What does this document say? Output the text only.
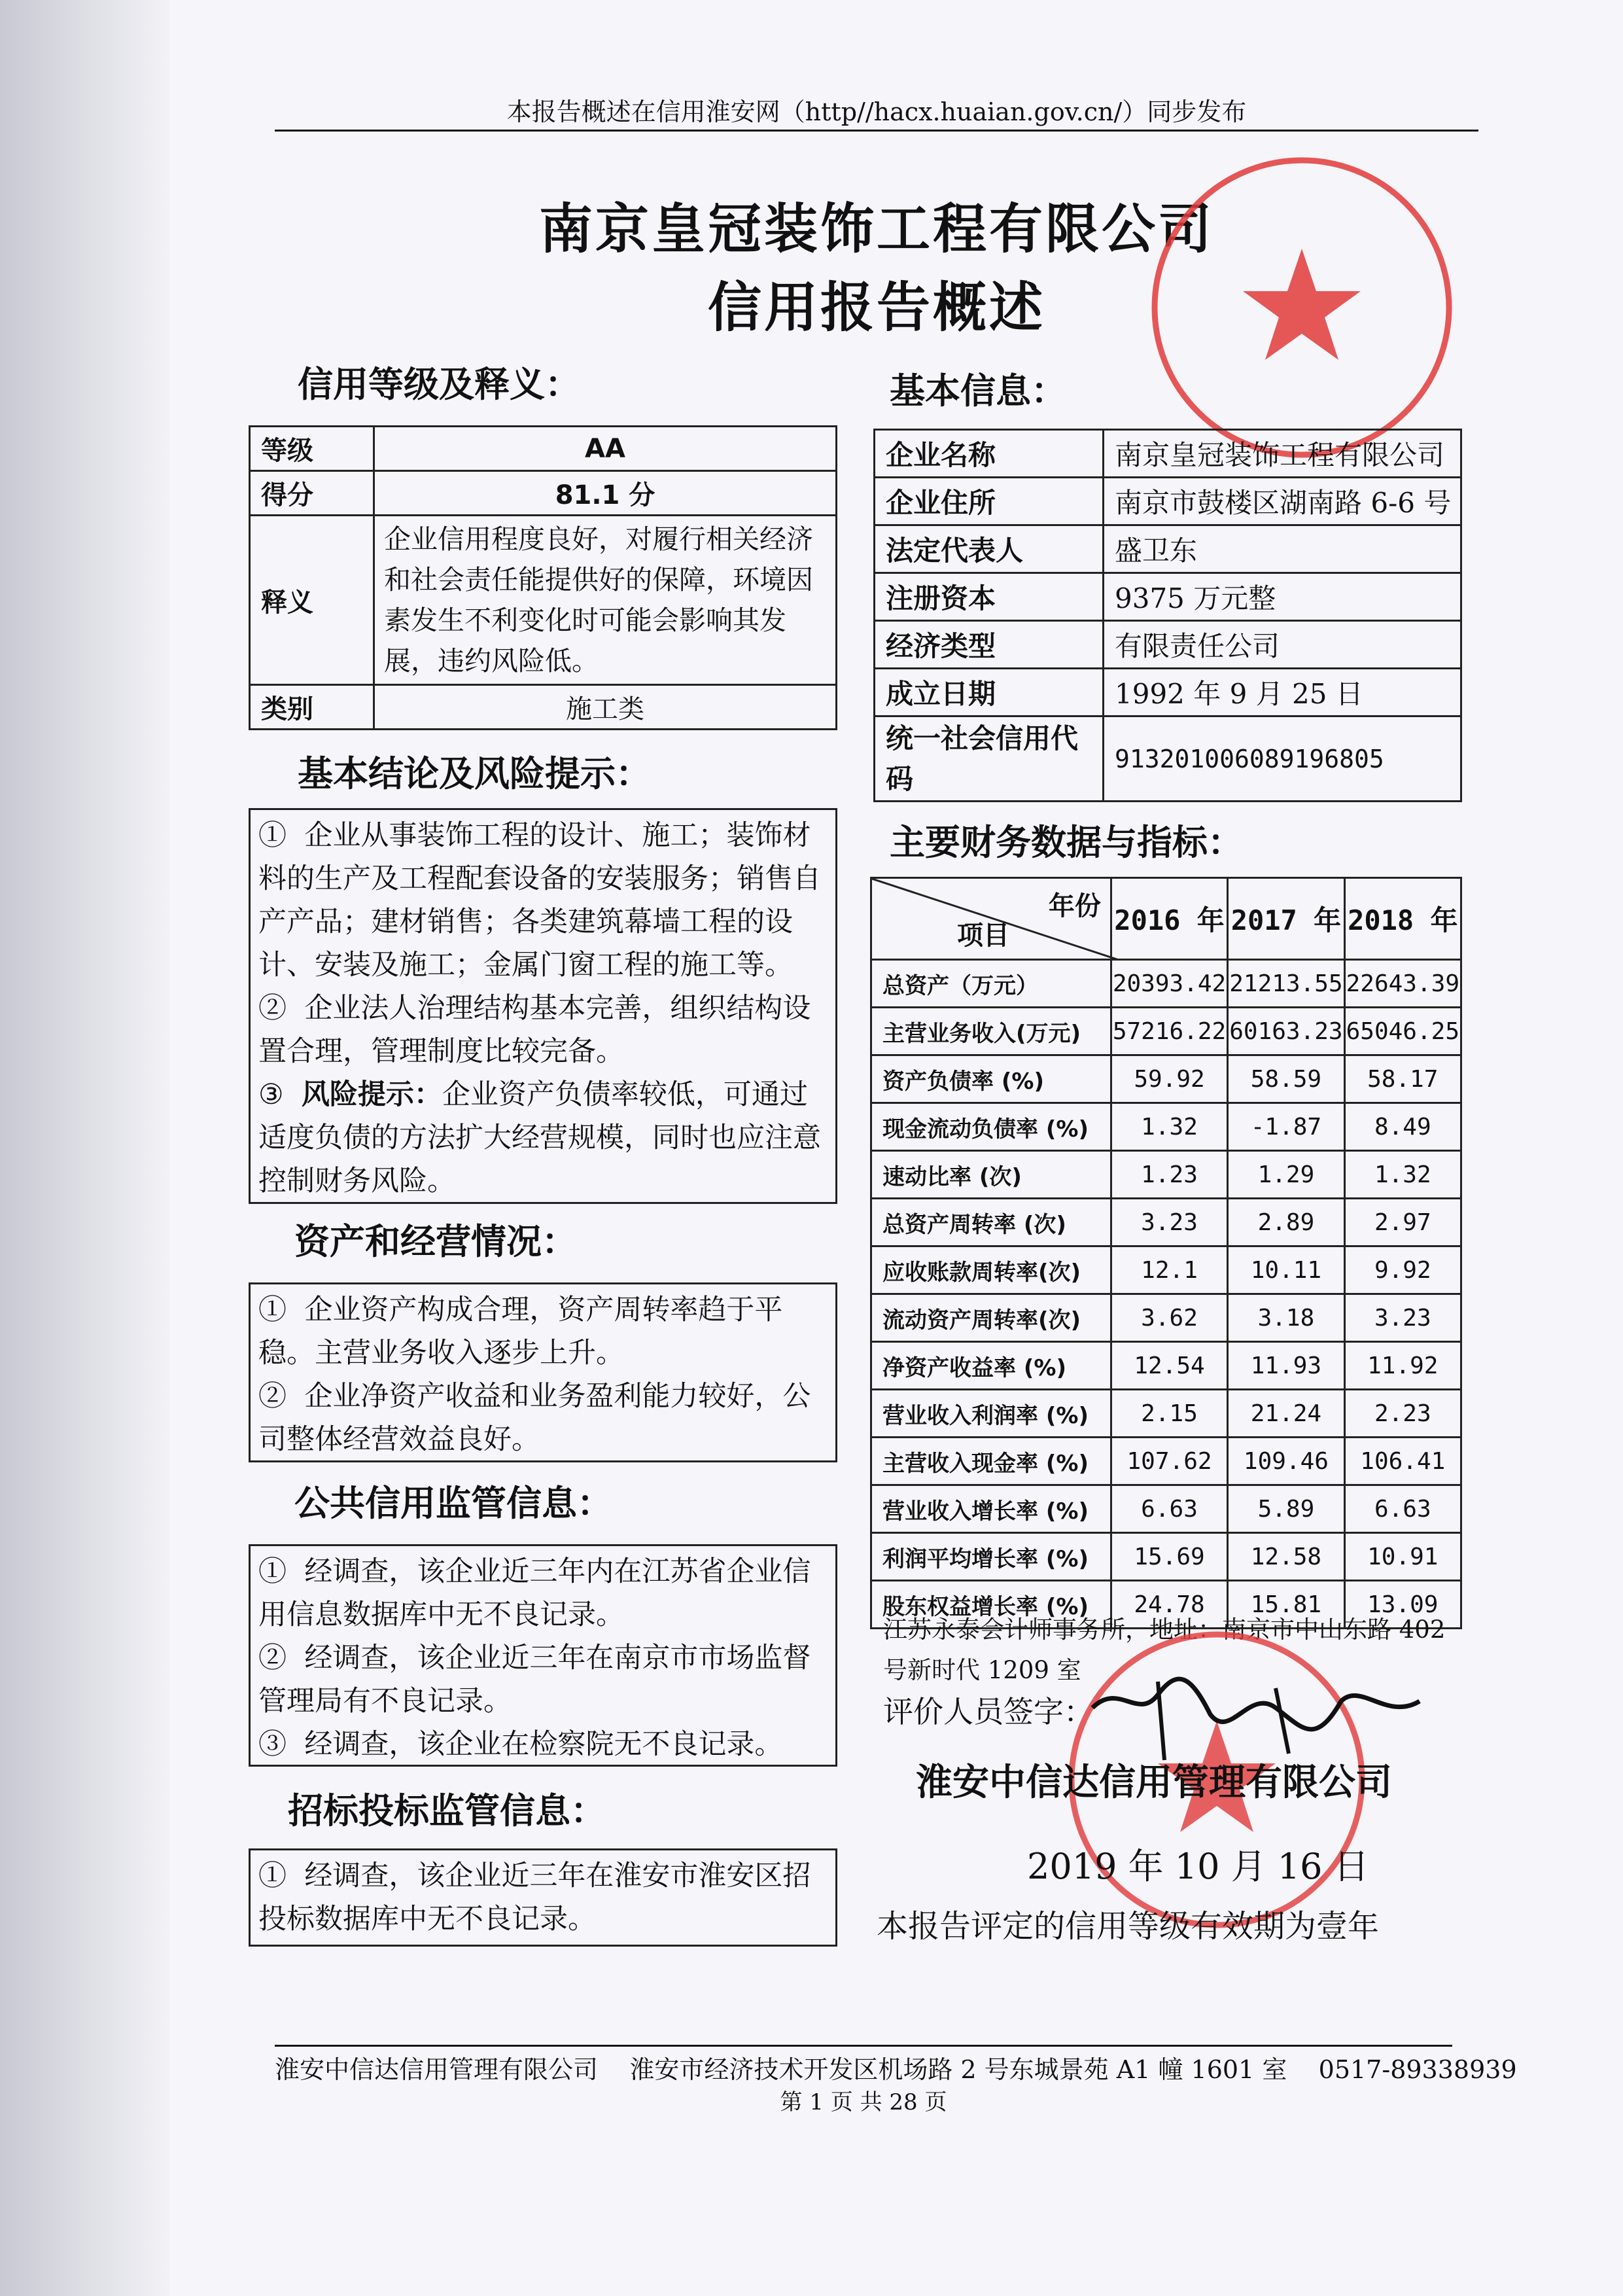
本报告概述在信用淮安网（http//hacx.huaian.gov.cn/）同步发布
南京皇冠装饰工程有限公司
信用报告概述
信用等级及释义：
等级	AA
得分	81.1 分
释义	企业信用程度良好，对履行相关经济和社会责任能提供好的保障，环境因素发生不利变化时可能会影响其发展，违约风险低。
类别	施工类
基本结论及风险提示：

① 企业从事装饰工程的设计、施工；装饰材料的生产及工程配套设备的安装服务；销售自产产品；建材销售；各类建筑幕墙工程的设计、安装及施工；金属门窗工程的施工等。

② 企业法人治理结构基本完善，组织结构设置合理，管理制度比较完备。

③ 风险提示：企业资产负债率较低，可通过适度负债的方法扩大经营规模，同时也应注意控制财务风险。

资产和经营情况：

① 企业资产构成合理，资产周转率趋于平稳。主营业务收入逐步上升。

② 企业净资产收益和业务盈利能力较好，公司整体经营效益良好。

公共信用监管信息：

① 经调查，该企业近三年内在江苏省企业信用信息数据库中无不良记录。

② 经调查，该企业近三年在南京市市场监督管理局有不良记录。

③ 经调查，该企业在检察院无不良记录。

招标投标监管信息：

① 经调查，该企业近三年在淮安市淮安区招投标数据库中无不良记录。

基本信息：
企业名称	南京皇冠装饰工程有限公司
企业住所	南京市鼓楼区湖南路 6-6 号
法定代表人	盛卫东
注册资本	9375 万元整
经济类型	有限责任公司
成立日期	1992 年 9 月 25 日
统一社会信用代码	913201006089196805
主要财务数据与指标：
年份
项目	2016 年	2017 年	2018 年
总资产（万元）	20393.42	21213.55	22643.39
主营业务收入(万元)	57216.22	60163.23	65046.25
资产负债率 (%)	59.92	58.59	58.17
现金流动负债率 (%)	1.32	-1.87	8.49
速动比率 (次)	1.23	1.29	1.32
总资产周转率 (次)	3.23	2.89	2.97
应收账款周转率(次)	12.1	10.11	9.92
流动资产周转率(次)	3.62	3.18	3.23
净资产收益率 (%)	12.54	11.93	11.92
营业收入利润率 (%)	2.15	21.24	2.23
主营收入现金率 (%)	107.62	109.46	106.41
营业收入增长率 (%)	6.63	5.89	6.63
利润平均增长率 (%)	15.69	12.58	10.91
股东权益增长率 (%)	24.78	15.81	13.09
江苏永泰会计师事务所，地址：南京市中山东路 402 号新时代 1209 室
评价人员签字：
淮安中信达信用管理有限公司
2019 年 10 月 16 日
本报告评定的信用等级有效期为壹年
淮安中信达信用管理有限公司 淮安市经济技术开发区机场路 2 号东城景苑 A1 幢 1601 室 0517-89338939
第 1 页 共 28 页
